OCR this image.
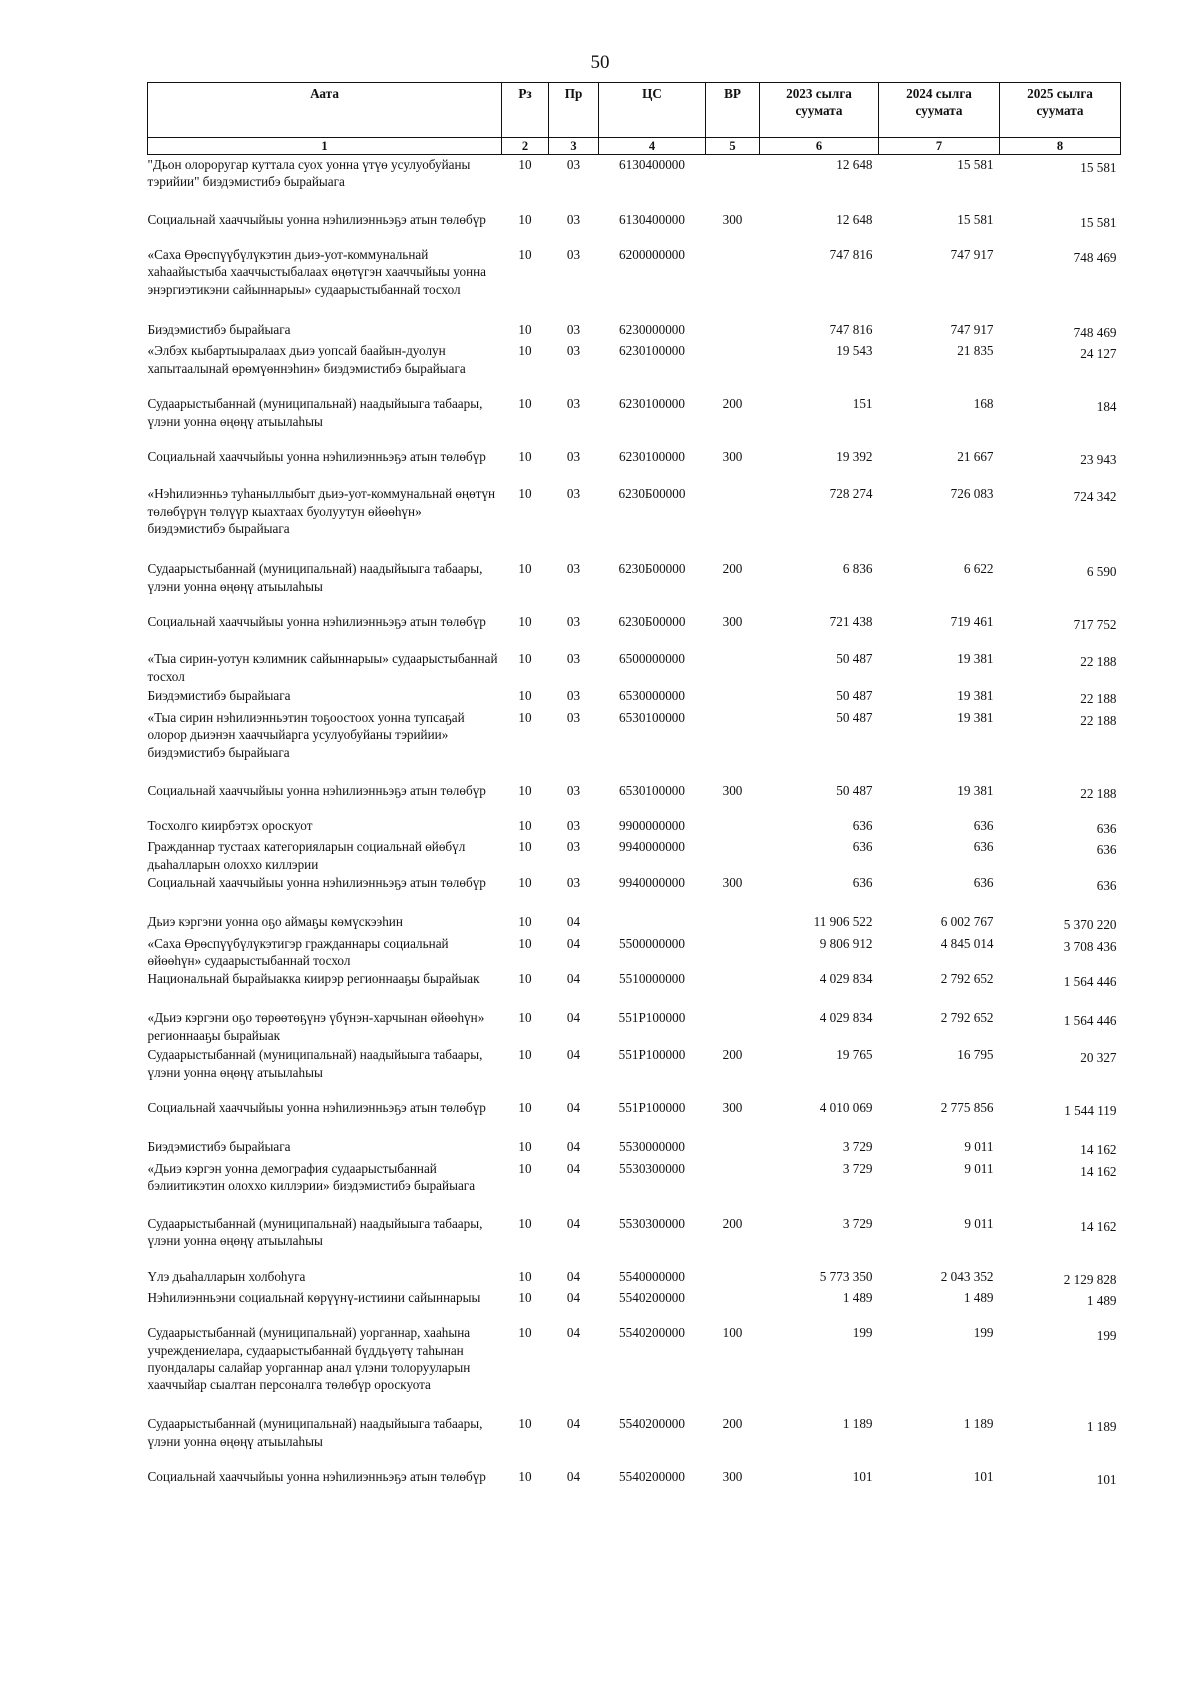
50
Аата	Рз	Пр	ЦС	ВР	2023 сылга суумата	2024 сылга суумата	2025 сылга суумата
1	2	3	4	5	6	7	8
"Дьон олороругар куттала суох уонна үтүө усулуобуйаны тэрийии" биэдэмистибэ бырайыага	10	03	6130400000		12 648	15 581	15 581
Социальнай хааччыйыы уонна нэһилиэнньэҕэ атын төлөбүр	10	03	6130400000	300	12 648	15 581	15 581
«Саха Өрөспүүбүлүкэтин дьиэ-уот-коммунальнай хаһаайыстыба хааччыстыбалаах өңөтүгэн хааччыйыы уонна энэргиэтикэни сайыннарыы» судаарыстыбаннай тосхол	10	03	6200000000		747 816	747 917	748 469
Биэдэмистибэ бырайыага	10	03	6230000000		747 816	747 917	748 469
«Элбэх кыбартыыралаах дьиэ уопсай баайын-дуолун хапытаалынай өрөмүөннэһин» биэдэмистибэ бырайыага	10	03	6230100000		19 543	21 835	24 127
Судаарыстыбаннай (муниципальнай) наадыйыыга табаары, үлэни уонна өңөңү атыылаһыы	10	03	6230100000	200	151	168	184
Социальнай хааччыйыы уонна нэһилиэнньэҕэ атын төлөбүр	10	03	6230100000	300	19 392	21 667	23 943
«Нэһилиэнньэ туһаныллыбыт дьиэ-уот-коммунальнай өңөтүн төлөбүрүн төлүүр кыахтаах буолуутун өйөөһүн» биэдэмистибэ бырайыага	10	03	6230Б00000		728 274	726 083	724 342
Судаарыстыбаннай (муниципальнай) наадыйыыга табаары, үлэни уонна өңөңү атыылаһыы	10	03	6230Б00000	200	6 836	6 622	6 590
Социальнай хааччыйыы уонна нэһилиэнньэҕэ атын төлөбүр	10	03	6230Б00000	300	721 438	719 461	717 752
«Тыа сирин-уотун кэлимник сайыннарыы» судаарыстыбаннай тосхол	10	03	6500000000		50 487	19 381	22 188
Биэдэмистибэ бырайыага	10	03	6530000000		50 487	19 381	22 188
«Тыа сирин нэһилиэнньэтин тоҕоостоох уонна тупсаҕай олорор дьиэнэн хааччыйарга усулуобуйаны тэрийии» биэдэмистибэ бырайыага	10	03	6530100000		50 487	19 381	22 188
Социальнай хааччыйыы уонна нэһилиэнньэҕэ атын төлөбүр	10	03	6530100000	300	50 487	19 381	22 188
Тосхолго киирбэтэх ороскуот	10	03	9900000000		636	636	636
Гражданнар тустаах категорияларын социальнай өйөбүл дьаһалларын олоххо киллэрии	10	03	9940000000		636	636	636
Социальнай хааччыйыы уонна нэһилиэнньэҕэ атын төлөбүр	10	03	9940000000	300	636	636	636
Дьиэ кэргэни уонна оҕо аймаҕы көмүскээһин	10	04			11 906 522	6 002 767	5 370 220
«Саха Өрөспүүбүлүкэтигэр гражданнары социальнай өйөөһүн» судаарыстыбаннай тосхол	10	04	5500000000		9 806 912	4 845 014	3 708 436
Национальнай бырайыакка киирэр регионнааҕы бырайыак	10	04	5510000000		4 029 834	2 792 652	1 564 446
«Дьиэ кэргэни оҕо төрөөтөҕүнэ үбүнэн-харчынан өйөөһүн» регионнааҕы бырайыак	10	04	551Р100000		4 029 834	2 792 652	1 564 446
Судаарыстыбаннай (муниципальнай) наадыйыыга табаары, үлэни уонна өңөңү атыылаһыы	10	04	551Р100000	200	19 765	16 795	20 327
Социальнай хааччыйыы уонна нэһилиэнньэҕэ атын төлөбүр	10	04	551Р100000	300	4 010 069	2 775 856	1 544 119
Биэдэмистибэ бырайыага	10	04	5530000000		3 729	9 011	14 162
«Дьиэ кэргэн уонна демография судаарыстыбаннай бэлиитикэтин олоххо киллэрии» биэдэмистибэ бырайыага	10	04	5530300000		3 729	9 011	14 162
Судаарыстыбаннай (муниципальнай) наадыйыыга табаары, үлэни уонна өңөңү атыылаһыы	10	04	5530300000	200	3 729	9 011	14 162
Үлэ дьаһалларын холбоһуга	10	04	5540000000		5 773 350	2 043 352	2 129 828
Нэһилиэнньэни социальнай көрүүнү-истиини сайыннарыы	10	04	5540200000		1 489	1 489	1 489
Судаарыстыбаннай (муниципальнай) уорганнар, хааһына учреждениелара, судаарыстыбаннай бүддьүөтү таһынан пуондалары салайар уорганнар анал үлэни толорууларын хааччыйар сыалтан персоналга төлөбүр ороскуота	10	04	5540200000	100	199	199	199
Судаарыстыбаннай (муниципальнай) наадыйыыга табаары, үлэни уонна өңөңү атыылаһыы	10	04	5540200000	200	1 189	1 189	1 189
Социальнай хааччыйыы уонна нэһилиэнньэҕэ атын төлөбүр	10	04	5540200000	300	101	101	101
